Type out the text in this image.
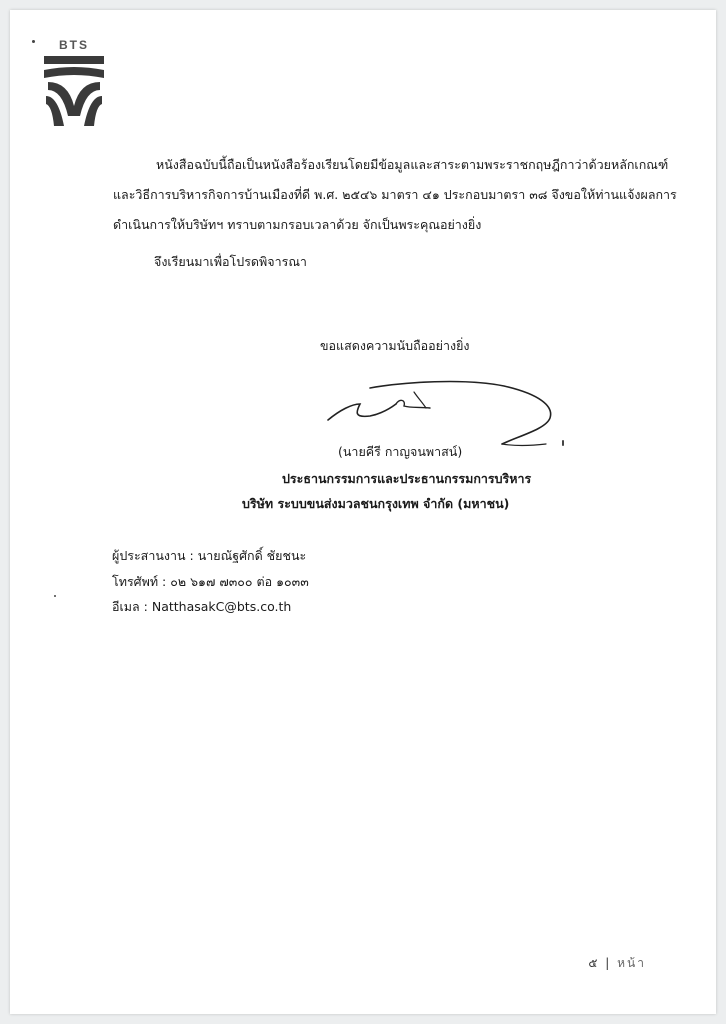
BTS
หนังสือฉบับนี้ถือเป็นหนังสือร้องเรียนโดยมีข้อมูลและสาระตามพระราชกฤษฎีกาว่าด้วยหลักเกณฑ์
และวิธีการบริหารกิจการบ้านเมืองที่ดี พ.ศ. ๒๕๔๖ มาตรา ๔๑ ประกอบมาตรา ๓๘ จึงขอให้ท่านแจ้งผลการ
ดำเนินการให้บริษัทฯ ทราบตามกรอบเวลาด้วย จักเป็นพระคุณอย่างยิ่ง
จึงเรียนมาเพื่อโปรดพิจารณา
ขอแสดงความนับถืออย่างยิ่ง
(นายคีรี กาญจนพาสน์)
ประธานกรรมการและประธานกรรมการบริหาร
บริษัท ระบบขนส่งมวลชนกรุงเทพ จำกัด (มหาชน)
ผู้ประสานงาน : นายณัฐศักดิ์ ชัยชนะ
โทรศัพท์ : ๐๒ ๖๑๗ ๗๓๐๐ ต่อ ๑๐๓๓
อีเมล : NatthasakC@bts.co.th
๕ | หน้า
